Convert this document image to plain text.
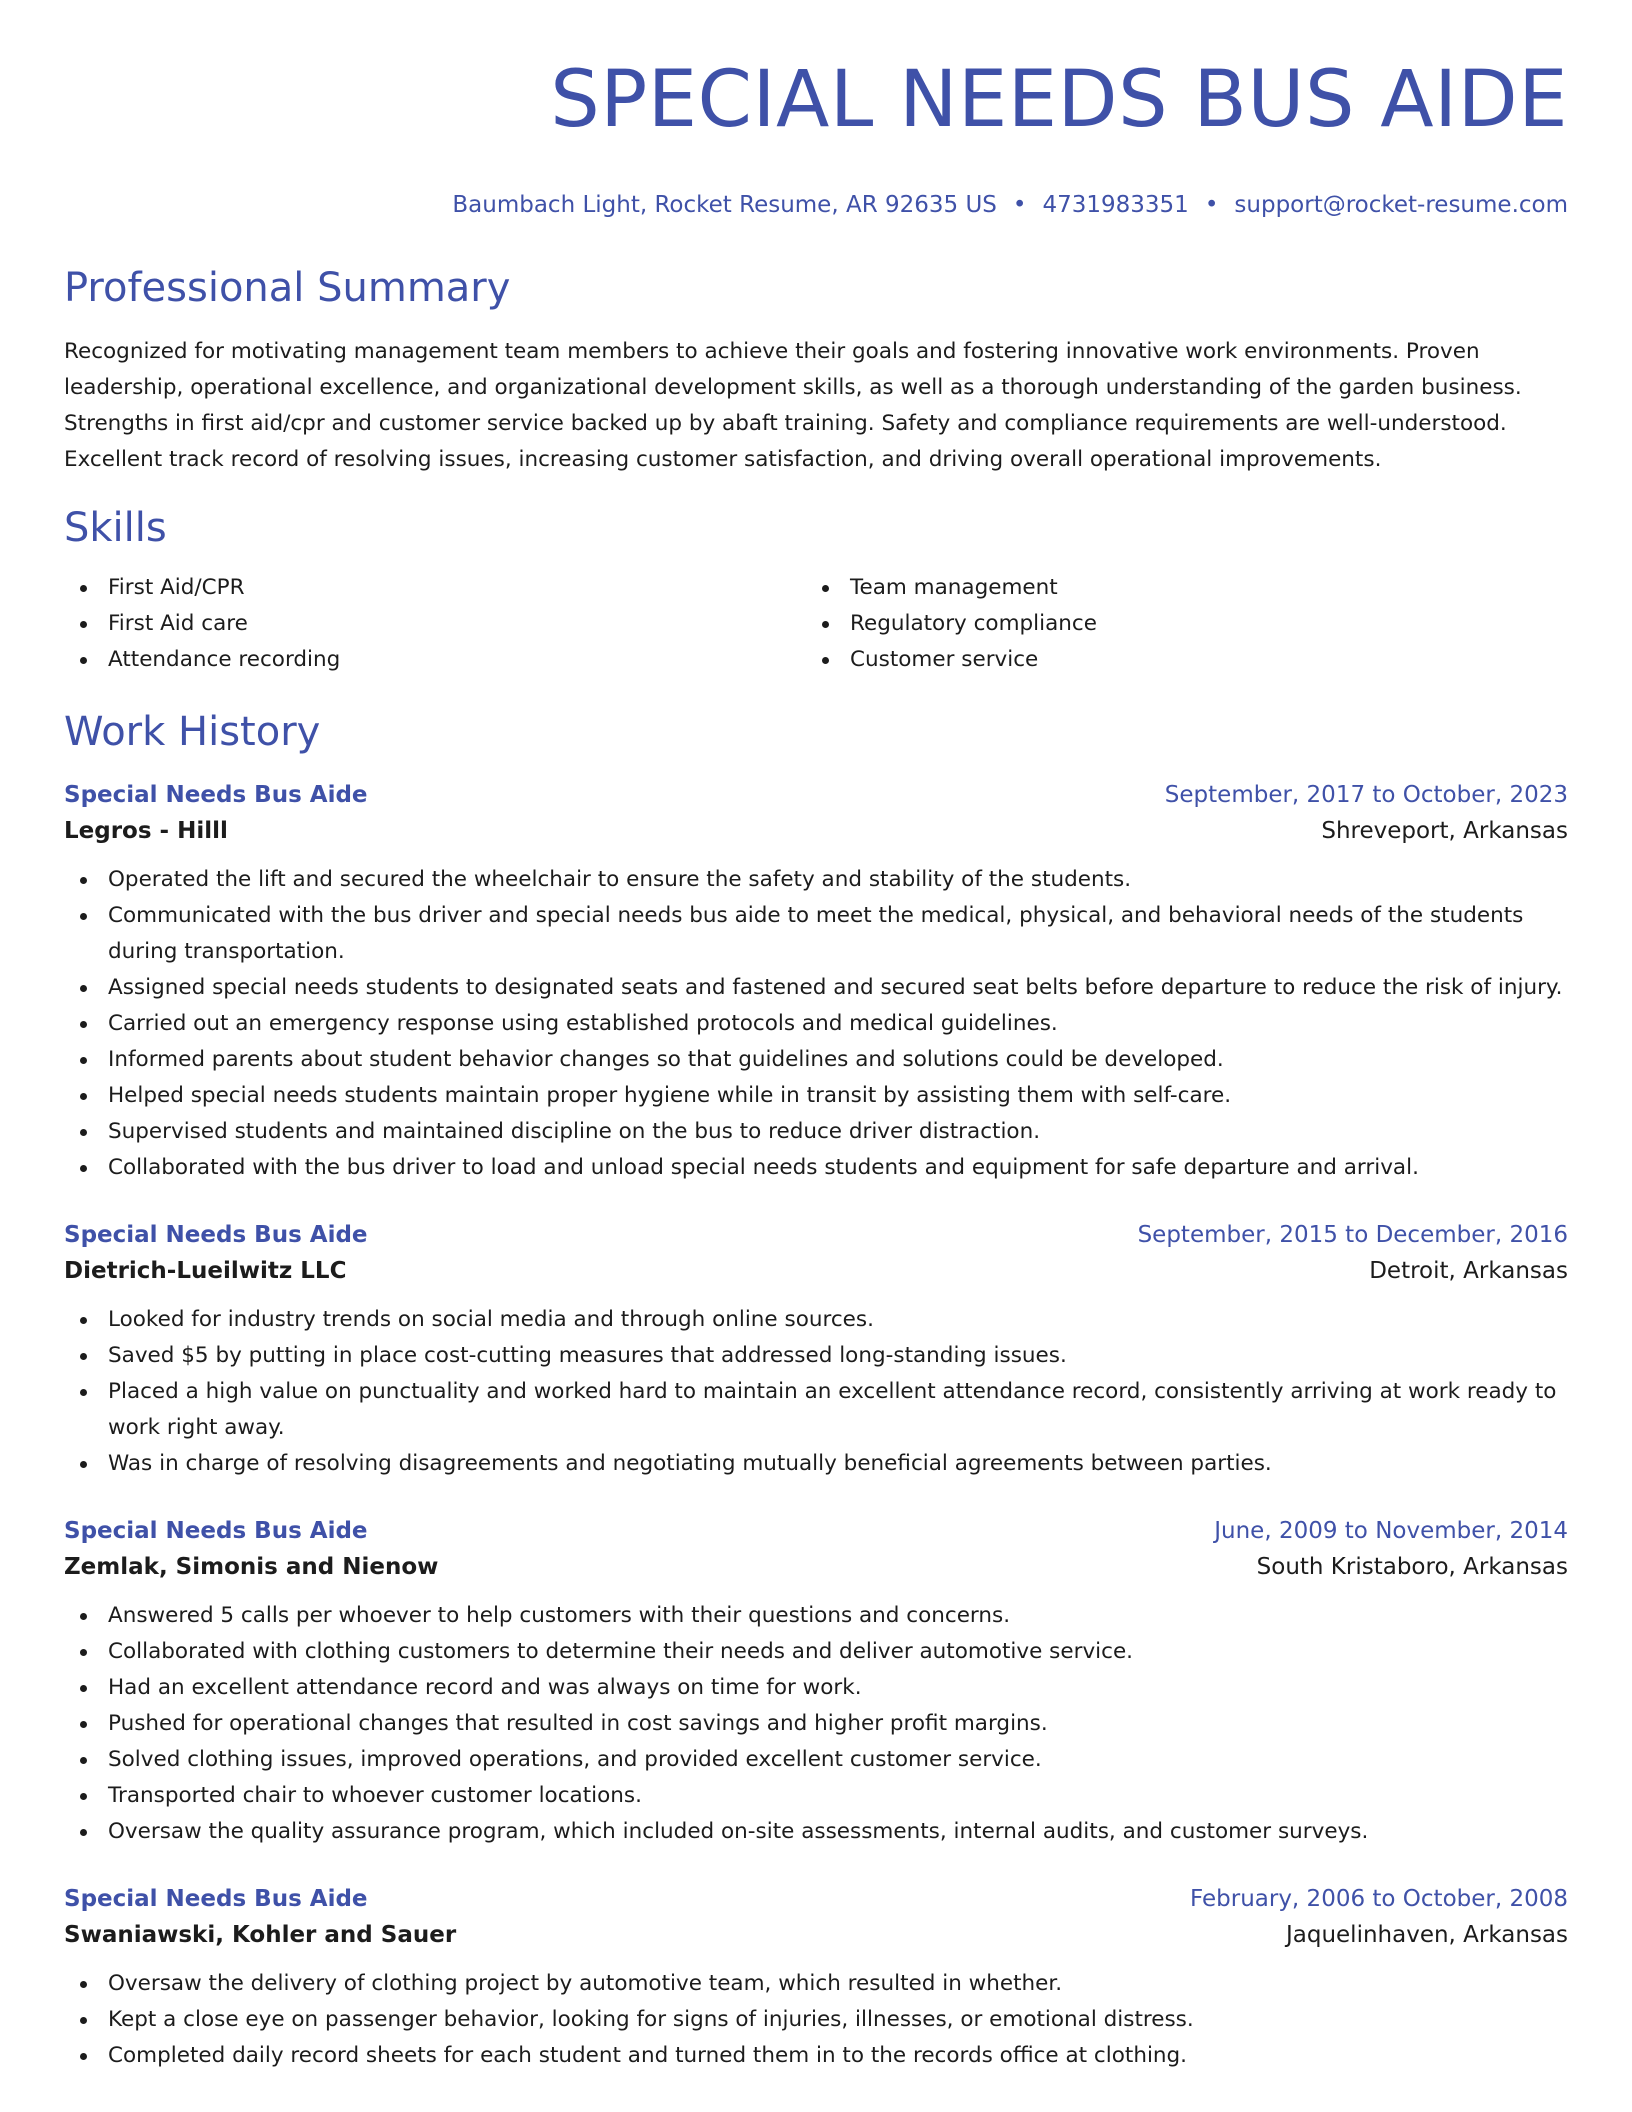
SPECIAL NEEDS BUS AIDE
Baumbach Light, Rocket Resume, AR 92635 US • 4731983351 • support@rocket-resume.com
Professional Summary
Recognized for motivating management team members to achieve their goals and fostering innovative work environments. Proven leadership, operational excellence, and organizational development skills, as well as a thorough understanding of the garden business. Strengths in first aid/cpr and customer service backed up by abaft training. Safety and compliance requirements are well-understood. Excellent track record of resolving issues, increasing customer satisfaction, and driving overall operational improvements.
Skills
First Aid/CPR
First Aid care
Attendance recording
Team management
Regulatory compliance
Customer service
Work History
Special Needs Bus Aide	September, 2017 to October, 2023
Legros - Hilll	Shreveport, Arkansas
Operated the lift and secured the wheelchair to ensure the safety and stability of the students.
Communicated with the bus driver and special needs bus aide to meet the medical, physical, and behavioral needs of the students during transportation.
Assigned special needs students to designated seats and fastened and secured seat belts before departure to reduce the risk of injury.
Carried out an emergency response using established protocols and medical guidelines.
Informed parents about student behavior changes so that guidelines and solutions could be developed.
Helped special needs students maintain proper hygiene while in transit by assisting them with self-care.
Supervised students and maintained discipline on the bus to reduce driver distraction.
Collaborated with the bus driver to load and unload special needs students and equipment for safe departure and arrival.
Special Needs Bus Aide	September, 2015 to December, 2016
Dietrich-Lueilwitz LLC	Detroit, Arkansas
Looked for industry trends on social media and through online sources.
Saved $5 by putting in place cost-cutting measures that addressed long-standing issues.
Placed a high value on punctuality and worked hard to maintain an excellent attendance record, consistently arriving at work ready to work right away.
Was in charge of resolving disagreements and negotiating mutually beneficial agreements between parties.
Special Needs Bus Aide	June, 2009 to November, 2014
Zemlak, Simonis and Nienow	South Kristaboro, Arkansas
Answered 5 calls per whoever to help customers with their questions and concerns.
Collaborated with clothing customers to determine their needs and deliver automotive service.
Had an excellent attendance record and was always on time for work.
Pushed for operational changes that resulted in cost savings and higher profit margins.
Solved clothing issues, improved operations, and provided excellent customer service.
Transported chair to whoever customer locations.
Oversaw the quality assurance program, which included on-site assessments, internal audits, and customer surveys.
Special Needs Bus Aide	February, 2006 to October, 2008
Swaniawski, Kohler and Sauer	Jaquelinhaven, Arkansas
Oversaw the delivery of clothing project by automotive team, which resulted in whether.
Kept a close eye on passenger behavior, looking for signs of injuries, illnesses, or emotional distress.
Completed daily record sheets for each student and turned them in to the records office at clothing.
